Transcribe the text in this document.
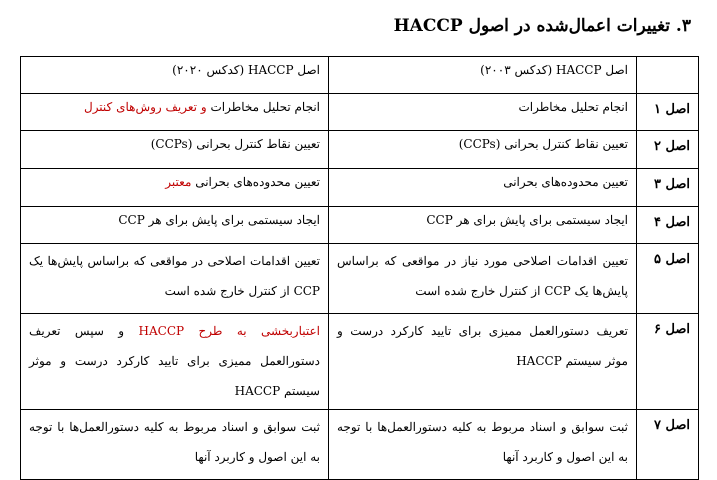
۳. تغییرات اعمال‌شده در اصول HACCP
	اصل HACCP (کدکس ۲۰۰۳)	اصل HACCP (کدکس ۲۰۲۰)
اصل ۱	انجام تحلیل مخاطرات	انجام تحلیل مخاطرات و تعریف روش‌های کنترل
اصل ۲	تعیین نقاط کنترل بحرانی (CCPs)	تعیین نقاط کنترل بحرانی (CCPs)
اصل ۳	تعیین محدوده‌های بحرانی	تعیین محدوده‌های بحرانی معتبر
اصل ۴	ایجاد سیستمی برای پایش برای هر CCP	ایجاد سیستمی برای پایش برای هر CCP
اصل ۵	تعیین اقدامات اصلاحی مورد نیاز در مواقعی که براساس پایش‌ها یک CCP از کنترل خارج شده است	تعیین اقدامات اصلاحی در مواقعی که براساس پایش‌ها یک CCP از کنترل خارج شده است
اصل ۶	تعریف دستورالعمل ممیزی برای تایید کارکرد درست و موثر سیستم HACCP	اعتباربخشی به طرح HACCP و سپس تعریف دستورالعمل ممیزی برای تایید کارکرد درست و موثر سیستم HACCP
اصل ۷	ثبت سوابق و اسناد مربوط به کلیه دستورالعمل‌ها با توجه به این اصول و کاربرد آنها	ثبت سوابق و اسناد مربوط به کلیه دستورالعمل‌ها با توجه به این اصول و کاربرد آنها
